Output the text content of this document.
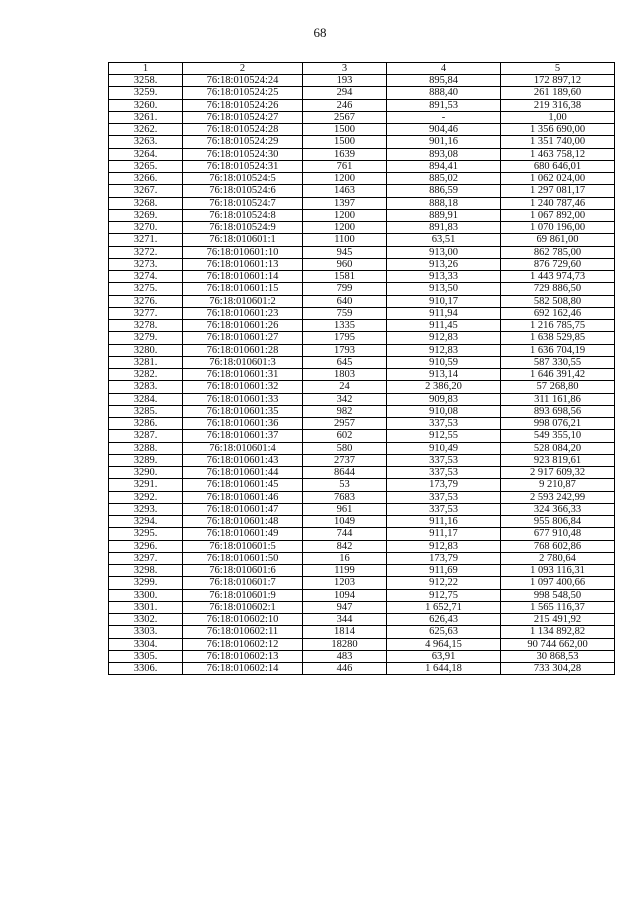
68
1	2	3	4	5
3258.	76:18:010524:24	193	895,84	172 897,12
3259.	76:18:010524:25	294	888,40	261 189,60
3260.	76:18:010524:26	246	891,53	219 316,38
3261.	76:18:010524:27	2567	-	1,00
3262.	76:18:010524:28	1500	904,46	1 356 690,00
3263.	76:18:010524:29	1500	901,16	1 351 740,00
3264.	76:18:010524:30	1639	893,08	1 463 758,12
3265.	76:18:010524:31	761	894,41	680 646,01
3266.	76:18:010524:5	1200	885,02	1 062 024,00
3267.	76:18:010524:6	1463	886,59	1 297 081,17
3268.	76:18:010524:7	1397	888,18	1 240 787,46
3269.	76:18:010524:8	1200	889,91	1 067 892,00
3270.	76:18:010524:9	1200	891,83	1 070 196,00
3271.	76:18:010601:1	1100	63,51	69 861,00
3272.	76:18:010601:10	945	913,00	862 785,00
3273.	76:18:010601:13	960	913,26	876 729,60
3274.	76:18:010601:14	1581	913,33	1 443 974,73
3275.	76:18:010601:15	799	913,50	729 886,50
3276.	76:18:010601:2	640	910,17	582 508,80
3277.	76:18:010601:23	759	911,94	692 162,46
3278.	76:18:010601:26	1335	911,45	1 216 785,75
3279.	76:18:010601:27	1795	912,83	1 638 529,85
3280.	76:18:010601:28	1793	912,83	1 636 704,19
3281.	76:18:010601:3	645	910,59	587 330,55
3282.	76:18:010601:31	1803	913,14	1 646 391,42
3283.	76:18:010601:32	24	2 386,20	57 268,80
3284.	76:18:010601:33	342	909,83	311 161,86
3285.	76:18:010601:35	982	910,08	893 698,56
3286.	76:18:010601:36	2957	337,53	998 076,21
3287.	76:18:010601:37	602	912,55	549 355,10
3288.	76:18:010601:4	580	910,49	528 084,20
3289.	76:18:010601:43	2737	337,53	923 819,61
3290.	76:18:010601:44	8644	337,53	2 917 609,32
3291.	76:18:010601:45	53	173,79	9 210,87
3292.	76:18:010601:46	7683	337,53	2 593 242,99
3293.	76:18:010601:47	961	337,53	324 366,33
3294.	76:18:010601:48	1049	911,16	955 806,84
3295.	76:18:010601:49	744	911,17	677 910,48
3296.	76:18:010601:5	842	912,83	768 602,86
3297.	76:18:010601:50	16	173,79	2 780,64
3298.	76:18:010601:6	1199	911,69	1 093 116,31
3299.	76:18:010601:7	1203	912,22	1 097 400,66
3300.	76:18:010601:9	1094	912,75	998 548,50
3301.	76:18:010602:1	947	1 652,71	1 565 116,37
3302.	76:18:010602:10	344	626,43	215 491,92
3303.	76:18:010602:11	1814	625,63	1 134 892,82
3304.	76:18:010602:12	18280	4 964,15	90 744 662,00
3305.	76:18:010602:13	483	63,91	30 868,53
3306.	76:18:010602:14	446	1 644,18	733 304,28
